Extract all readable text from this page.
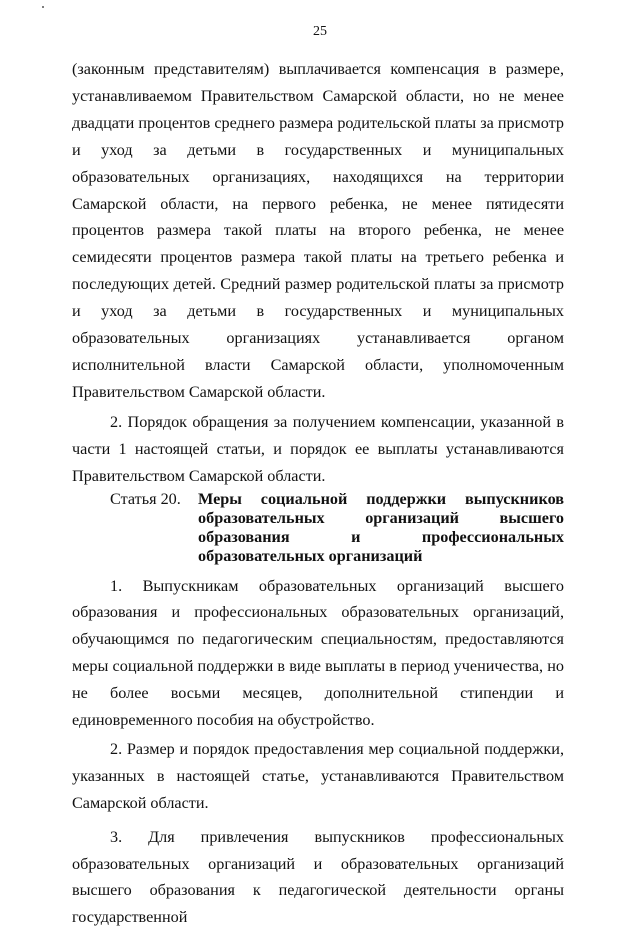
25

(законным представителям) выплачивается компенсация в размере, устанавливаемом Правительством Самарской области, но не менее двадцати процентов среднего размера родительской платы за присмотр и уход за детьми в государственных и муниципальных образовательных организациях, находящихся на территории Самарской области, на первого ребенка, не менее пятидесяти процентов размера такой платы на второго ребенка, не менее семидесяти процентов размера такой платы на третьего ребенка и последующих детей. Средний размер родительской платы за присмотр и уход за детьми в государственных и муниципальных образовательных организациях устанавливается органом исполнительной власти Самарской области, уполномоченным Правительством Самарской области.

2. Порядок обращения за получением компенсации, указанной в части 1 настоящей статьи, и порядок ее выплаты устанавливаются Правительством Самарской области.

Статья 20.	Меры социальной поддержки выпускников образовательных организаций высшего образования и профессиональных образовательных организаций

1. Выпускникам образовательных организаций высшего образования и профессиональных образовательных организаций, обучающимся по педагогическим специальностям, предоставляются меры социальной поддержки в виде выплаты в период ученичества, но не более восьми месяцев, дополнительной стипендии и единовременного пособия на обустройство.

2. Размер и порядок предоставления мер социальной поддержки, указанных в настоящей статье, устанавливаются Правительством Самарской области.

3. Для привлечения выпускников профессиональных образовательных организаций и образовательных организаций высшего образования к педагогической деятельности органы государственной
